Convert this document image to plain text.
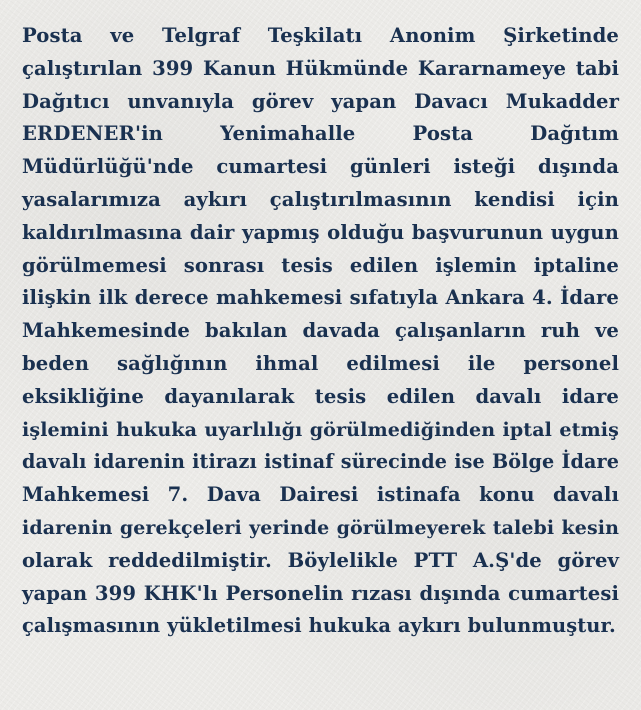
Posta ve Telgraf Teşkilatı Anonim Şirketinde
çalıştırılan 399 Kanun Hükmünde Kararnameye tabi
Dağıtıcı unvanıyla görev yapan Davacı Mukadder
ERDENER'in Yenimahalle Posta Dağıtım
Müdürlüğü'nde cumartesi günleri isteği dışında
yasalarımıza aykırı çalıştırılmasının kendisi için
kaldırılmasına dair yapmış olduğu başvurunun uygun
görülmemesi sonrası tesis edilen işlemin iptaline
ilişkin ilk derece mahkemesi sıfatıyla Ankara 4. İdare
Mahkemesinde bakılan davada çalışanların ruh ve
beden sağlığının ihmal edilmesi ile personel
eksikliğine dayanılarak tesis edilen davalı idare
işlemini hukuka uyarlılığı görülmediğinden iptal etmiş
davalı idarenin itirazı istinaf sürecinde ise Bölge İdare
Mahkemesi 7. Dava Dairesi istinafa konu davalı
idarenin gerekçeleri yerinde görülmeyerek talebi kesin
olarak reddedilmiştir. Böylelikle PTT A.Ş'de görev
yapan 399 KHK'lı Personelin rızası dışında cumartesi
çalışmasının yükletilmesi hukuka aykırı bulunmuştur.
